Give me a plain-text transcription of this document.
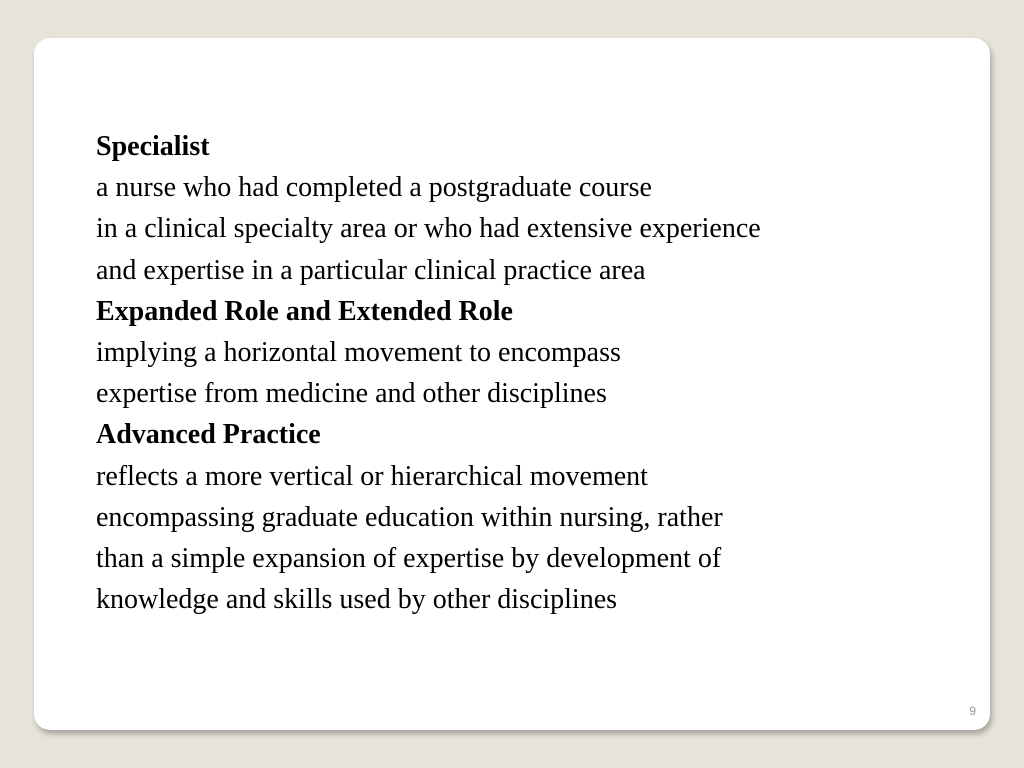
Specialist
a nurse who had completed a postgraduate course
in a clinical specialty area or who had extensive experience
and expertise in a particular clinical practice area
Expanded Role and Extended Role
implying a horizontal movement to encompass
expertise from medicine and other disciplines
Advanced Practice
reflects a more vertical or hierarchical movement
encompassing graduate education within nursing, rather
than a simple expansion of expertise by development of
knowledge and skills used by other disciplines
9
